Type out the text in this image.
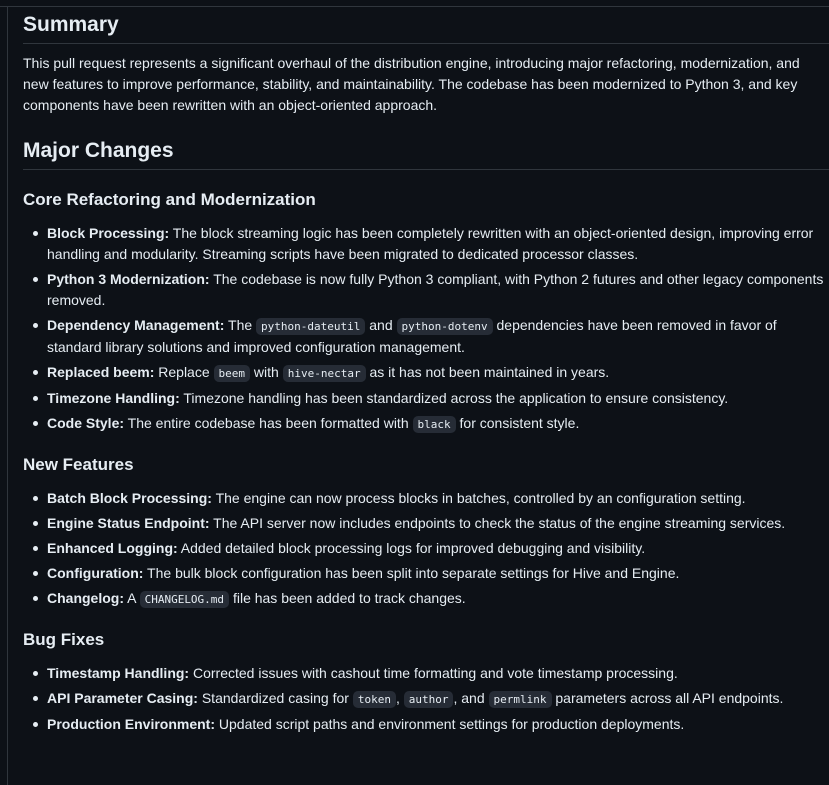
Summary

This pull request represents a significant overhaul of the distribution engine, introducing major refactoring, modernization, and new features to improve performance, stability, and maintainability. The codebase has been modernized to Python 3, and key components have been rewritten with an object-oriented approach.

Major Changes
Core Refactoring and Modernization
Block Processing: The block streaming logic has been completely rewritten with an object-oriented design, improving error handling and modularity. Streaming scripts have been migrated to dedicated processor classes.
Python 3 Modernization: The codebase is now fully Python 3 compliant, with Python 2 futures and other legacy components removed.
Dependency Management: The python-dateutil and python-dotenv dependencies have been removed in favor of standard library solutions and improved configuration management.
Replaced beem: Replace beem with hive-nectar as it has not been maintained in years.
Timezone Handling: Timezone handling has been standardized across the application to ensure consistency.
Code Style: The entire codebase has been formatted with black for consistent style.
New Features
Batch Block Processing: The engine can now process blocks in batches, controlled by an configuration setting.
Engine Status Endpoint: The API server now includes endpoints to check the status of the engine streaming services.
Enhanced Logging: Added detailed block processing logs for improved debugging and visibility.
Configuration: The bulk block configuration has been split into separate settings for Hive and Engine.
Changelog: A CHANGELOG.md file has been added to track changes.
Bug Fixes
Timestamp Handling: Corrected issues with cashout time formatting and vote timestamp processing.
API Parameter Casing: Standardized casing for token , author , and permlink parameters across all API endpoints.
Production Environment: Updated script paths and environment settings for production deployments.
